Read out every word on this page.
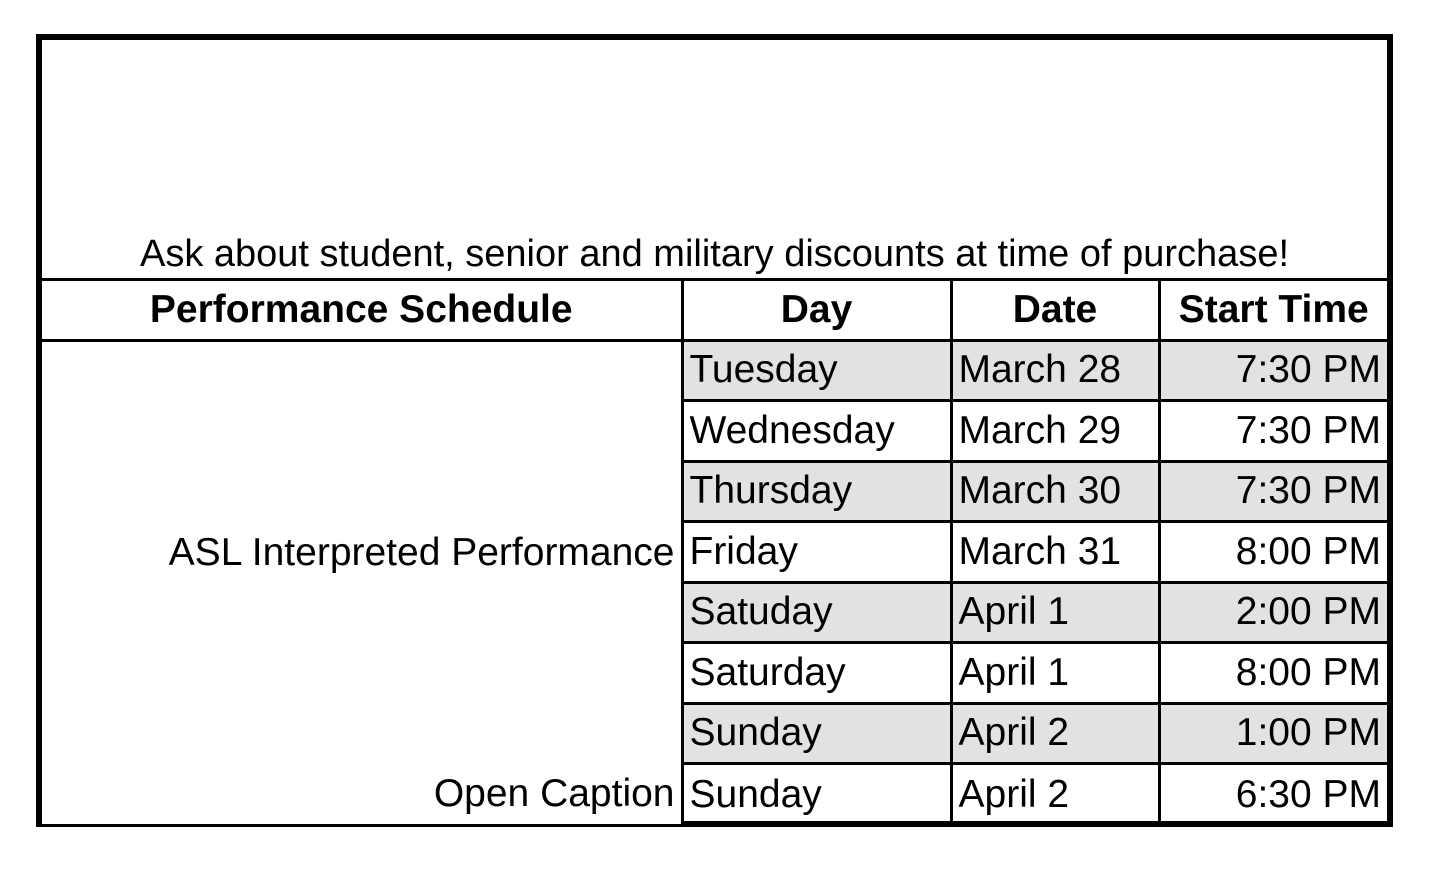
Ask about student, senior and military discounts at time of purchase!
Performance Schedule	Day	Date	Start Time
ASL Interpreted Performance	Tuesday	March 28	7:30 PM
	Wednesday	March 29	7:30 PM
	Thursday	March 30	7:30 PM
	Friday	March 31	8:00 PM
	Satuday	April 1	2:00 PM
	Saturday	April 1	8:00 PM
	Sunday	April 2	1:00 PM
Open Caption	Sunday	April 2	6:30 PM
